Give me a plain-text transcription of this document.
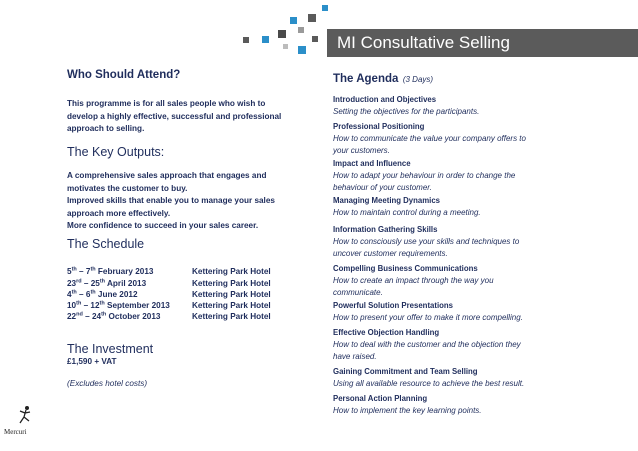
MI Consultative Selling
Who Should Attend?
This programme is for all sales people who wish to
develop a highly effective, successful and professional
approach to selling.
The Key Outputs:
A comprehensive sales approach that engages and
motivates the customer to buy.
Improved skills that enable you to manage your sales
approach more effectively.
More confidence to succeed in your sales career.
The Schedule
5th – 7th February 2013	Kettering Park Hotel
23rd – 25th April 2013	Kettering Park Hotel
4th – 6th June 2012	Kettering Park Hotel
10th – 12th September 2013	Kettering Park Hotel
22nd – 24th October 2013	Kettering Park Hotel
The Investment
£1,590 + VAT
(Excludes hotel costs)
The Agenda (3 Days)
Introduction and Objectives
Setting the objectives for the participants.
Professional Positioning
How to communicate the value your company offers to
your customers.
Impact and Influence
How to adapt your behaviour in order to change the
behaviour of your customer.
Managing Meeting Dynamics
How to maintain control during a meeting.
Information Gathering Skills
How to consciously use your skills and techniques to
uncover customer requirements.
Compelling Business Communications
How to create an impact through the way you
communicate.
Powerful Solution Presentations
How to present your offer to make it more compelling.
Effective Objection Handling
How to deal with the customer and the objection they
have raised.
Gaining Commitment and Team Selling
Using all available resource to achieve the best result.
Personal Action Planning
How to implement the key learning points.
Mercuri
